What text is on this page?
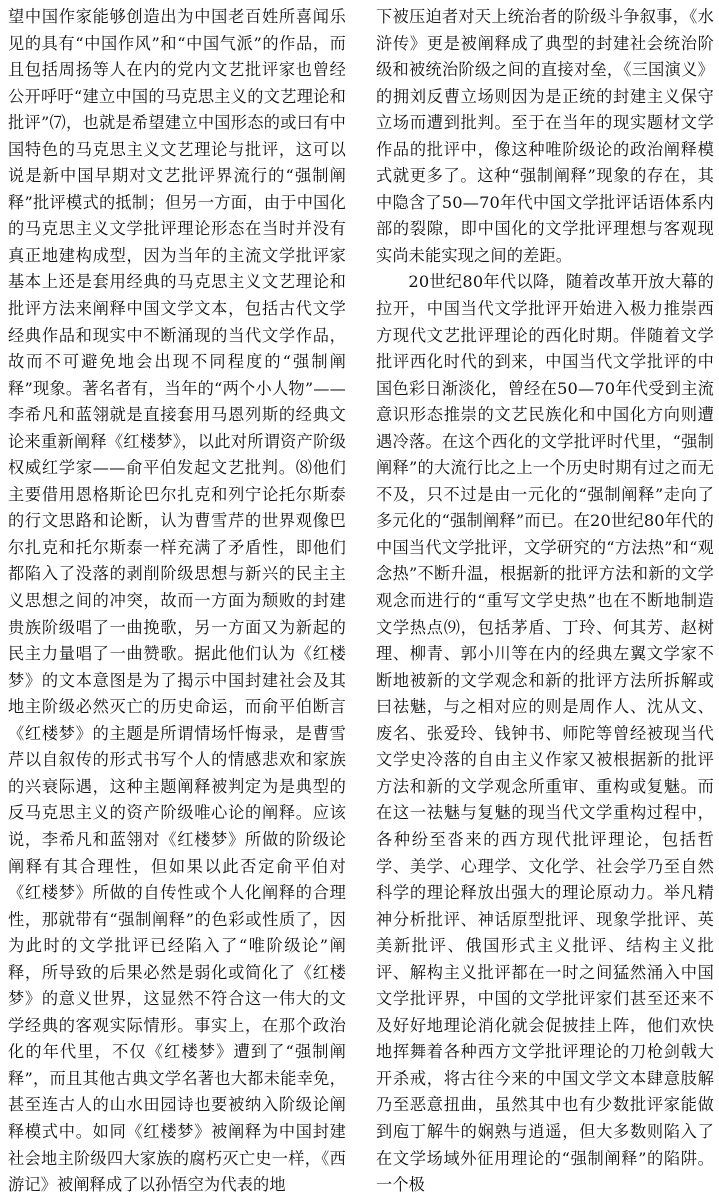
望中国作家能够创造出为中国老百姓所喜闻乐见的具有“中国作风”和“中国气派”的作品，而且包括周扬等人在内的党内文艺批评家也曾经公开呼吁“建立中国的马克思主义的文艺理论和批评”⑺，也就是希望建立中国形态的或曰有中国特色的马克思主义文艺理论与批评，这可以说是新中国早期对文艺批评界流行的“强制阐释”批评模式的抵制；但另一方面，由于中国化的马克思主义文学批评理论形态在当时并没有真正地建构成型，因为当年的主流文学批评家基本上还是套用经典的马克思主义文艺理论和批评方法来阐释中国文学文本，包括古代文学经典作品和现实中不断涌现的当代文学作品，故而不可避免地会出现不同程度的“强制阐释”现象。著名者有，当年的“两个小人物”——李希凡和蓝翎就是直接套用马恩列斯的经典文论来重新阐释《红楼梦》，以此对所谓资产阶级权威红学家——俞平伯发起文艺批判。⑻他们主要借用恩格斯论巴尔扎克和列宁论托尔斯泰的行文思路和论断，认为曹雪芹的世界观像巴尔扎克和托尔斯泰一样充满了矛盾性，即他们都陷入了没落的剥削阶级思想与新兴的民主主义思想之间的冲突，故而一方面为颓败的封建贵族阶级唱了一曲挽歌，另一方面又为新起的民主力量唱了一曲赞歌。据此他们认为《红楼梦》的文本意图是为了揭示中国封建社会及其地主阶级必然灭亡的历史命运，而俞平伯断言《红楼梦》的主题是所谓情场忏悔录，是曹雪芹以自叙传的形式书写个人的情感悲欢和家族的兴衰际遇，这种主题阐释被判定为是典型的反马克思主义的资产阶级唯心论的阐释。应该说，李希凡和蓝翎对《红楼梦》所做的阶级论阐释有其合理性，但如果以此否定俞平伯对《红楼梦》所做的自传性或个人化阐释的合理性，那就带有“强制阐释”的色彩或性质了，因为此时的文学批评已经陷入了“唯阶级论”阐释，所导致的后果必然是弱化或简化了《红楼梦》的意义世界，这显然不符合这一伟大的文学经典的客观实际情形。事实上，在那个政治化的年代里，不仅《红楼梦》遭到了“强制阐释”，而且其他古典文学名著也大都未能幸免，甚至连古人的山水田园诗也要被纳入阶级论阐释模式中。如同《红楼梦》被阐释为中国封建社会地主阶级四大家族的腐朽灭亡史一样，《西游记》被阐释成了以孙悟空为代表的地

下被压迫者对天上统治者的阶级斗争叙事，《水浒传》更是被阐释成了典型的封建社会统治阶级和被统治阶级之间的直接对垒，《三国演义》的拥刘反曹立场则因为是正统的封建主义保守立场而遭到批判。至于在当年的现实题材文学作品的批评中，像这种唯阶级论的政治阐释模式就更多了。这种“强制阐释”现象的存在，其中隐含了50—70年代中国文学批评话语体系内部的裂隙，即中国化的文学批评理想与客观现实尚未能实现之间的差距。

20世纪80年代以降，随着改革开放大幕的拉开，中国当代文学批评开始进入极力推崇西方现代文艺批评理论的西化时期。伴随着文学批评西化时代的到来，中国当代文学批评的中国色彩日渐淡化，曾经在50—70年代受到主流意识形态推崇的文艺民族化和中国化方向则遭遇冷落。在这个西化的文学批评时代里，“强制阐释”的大流行比之上一个历史时期有过之而无不及，只不过是由一元化的“强制阐释”走向了多元化的“强制阐释”而已。在20世纪80年代的中国当代文学批评，文学研究的“方法热”和“观念热”不断升温，根据新的批评方法和新的文学观念而进行的“重写文学史热”也在不断地制造文学热点⑼，包括茅盾、丁玲、何其芳、赵树理、柳青、郭小川等在内的经典左翼文学家不断地被新的文学观念和新的批评方法所拆解或曰祛魅，与之相对应的则是周作人、沈从文、废名、张爱玲、钱钟书、师陀等曾经被现当代文学史冷落的自由主义作家又被根据新的批评方法和新的文学观念所重审、重构或复魅。而在这一祛魅与复魅的现当代文学重构过程中，各种纷至沓来的西方现代批评理论，包括哲学、美学、心理学、文化学、社会学乃至自然科学的理论释放出强大的理论原动力。举凡精神分析批评、神话原型批评、现象学批评、英美新批评、俄国形式主义批评、结构主义批评、解构主义批评都在一时之间猛然涌入中国文学批评界，中国的文学批评家们甚至还来不及好好地理论消化就会促披挂上阵，他们欢快地挥舞着各种西方文学批评理论的刀枪剑戟大开杀戒，将古往今来的中国文学文本肆意肢解乃至恶意扭曲，虽然其中也有少数批评家能做到庖丁解牛的娴熟与逍遥，但大多数则陷入了在文学场域外征用理论的“强制阐释”的陷阱。一个极
